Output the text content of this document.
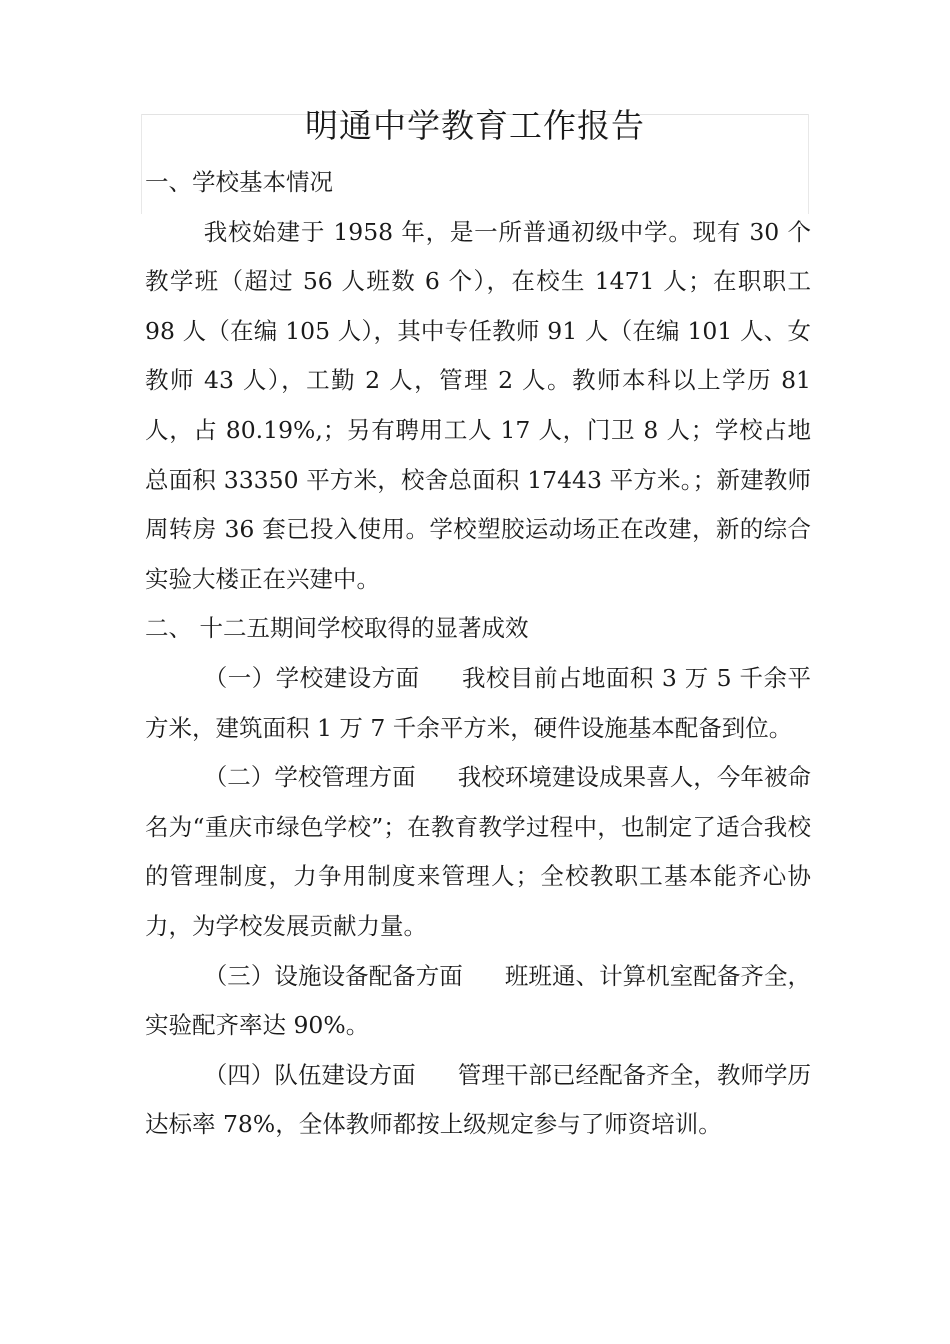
明通中学教育工作报告

一、学校基本情况

我校始建于 1958 年，是一所普通初级中学。现有 30 个教学班（超过 56 人班数 6 个），在校生 1471 人；在职职工 98 人（在编 105 人），其中专任教师 91 人（在编 101 人、女教师 43 人），工勤 2 人，管理 2 人。教师本科以上学历 81 人，占 80.19%,；另有聘用工人 17 人，门卫 8 人；学校占地总面积 33350 平方米，校舍总面积 17443 平方米。；新建教师周转房 36 套已投入使用。学校塑胶运动场正在改建，新的综合实验大楼正在兴建中。

二、 十二五期间学校取得的显著成效

（一）学校建设方面 我校目前占地面积 3 万 5 千余平方米，建筑面积 1 万 7 千余平方米，硬件设施基本配备到位。

（二）学校管理方面 我校环境建设成果喜人，今年被命名为“重庆市绿色学校”；在教育教学过程中，也制定了适合我校的管理制度，力争用制度来管理人；全校教职工基本能齐心协力，为学校发展贡献力量。

（三）设施设备配备方面 班班通、计算机室配备齐全，实验配齐率达 90%。

（四）队伍建设方面 管理干部已经配备齐全，教师学历达标率 78%，全体教师都按上级规定参与了师资培训。
